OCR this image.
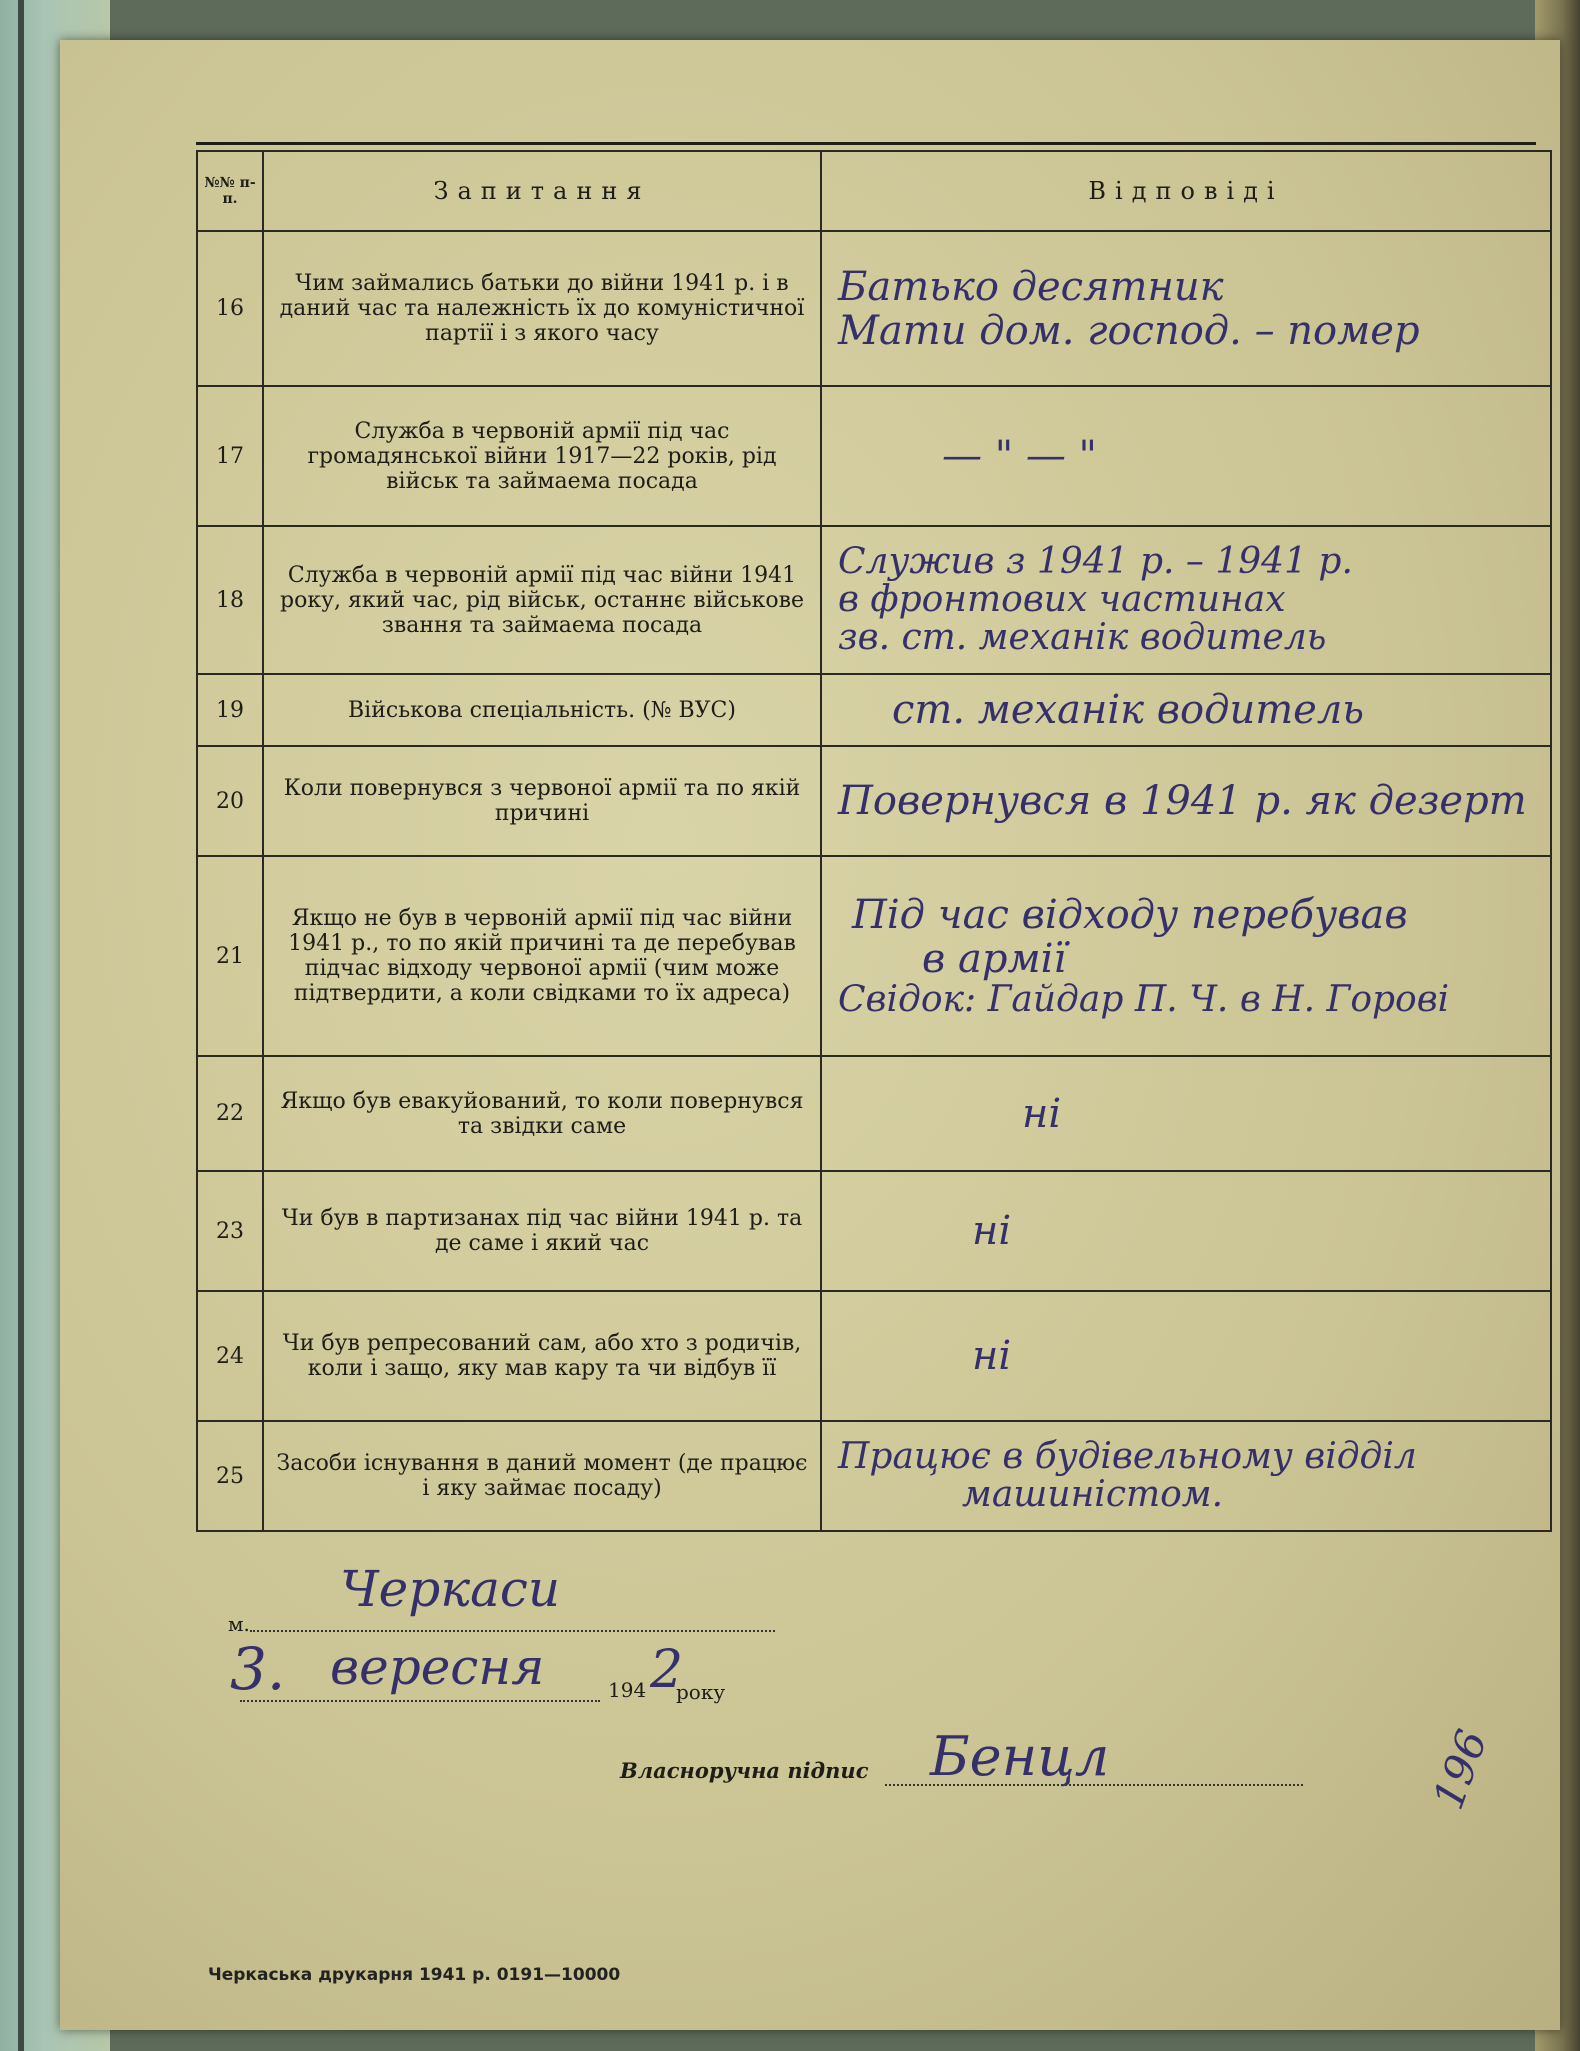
№№ п-п.	Запитання	Відповіді
16	Чим займались батьки до війни 1941 р. і в даний час та належність їх до комуністичної партії і з якого часу	Батько десятник
Мати дом. господ. – помер

17	Служба в червоній армії під час громадянської війни 1917—22 років, рід військ та займаема посада	— " — "

18	Служба в червоній армії під час війни 1941 року, який час, рід військ, останнє військове звання та займаема посада	Служив з 1941 р. – 1941 р.
в фронтових частинах
зв. ст. механік водитель

19	Військова спеціальність. (№ ВУС)	ст. механік водитель

20	Коли повернувся з червоної армії та по якій причині	Повернувся в 1941 р. як дезерт

21	Якщо не був в червоній армії під час війни 1941 р., то по якій причині та де перебував підчас відходу червоної армії (чим може підтвердити, а коли свідками то їх адреса)	Під час відходу перебував
в армії
Свідок: Гайдар П. Ч. в Н. Горові

22	Якщо був евакуйований, то коли повернувся та звідки саме	ні

23	Чи був в партизанах під час війни 1941 р. та де саме і який час	ні

24	Чи був репресований сам, або хто з родичів, коли і защо, яку мав кару та чи відбув її	ні

25	Засоби існування в даний момент (де працює і яку займає посаду)	Працює в будівельному відділ
машиністом.
м.
Черкаси
3. вересня	194 2
року
Власноручна підпис Бенцл	196
Черкаська друкарня 1941 р. 0191—10000
